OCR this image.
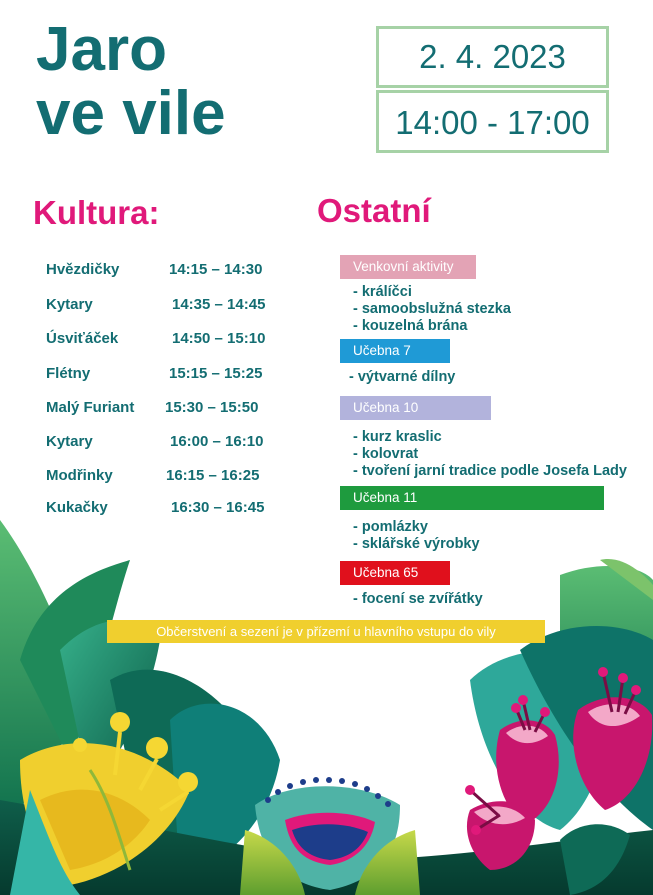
Jaro
ve vile
2. 4. 2023
14:00 - 17:00
Kultura:
Hvězdičky	14:15 – 14:30
Kytary	14:35 – 14:45
Úsviťáček	14:50 – 15:10
Flétny	15:15 – 15:25
Malý Furiant 15:30 – 15:50
Kytary	16:00 – 16:10
Modřinky	16:15 – 16:25
Kukačky	16:30 – 16:45
Ostatní
Venkovní aktivity
- králíčci
- samoobslužná stezka
- kouzelná brána
Učebna 7
- výtvarné dílny
Učebna 10
- kurz kraslic
- kolovrat
- tvoření jarní tradice podle Josefa Lady
Učebna 11
- pomlázky
- sklářské výrobky
Učebna 65
- focení se zvířátky
Občerstvení a sezení je v přízemí u hlavního vstupu do vily
